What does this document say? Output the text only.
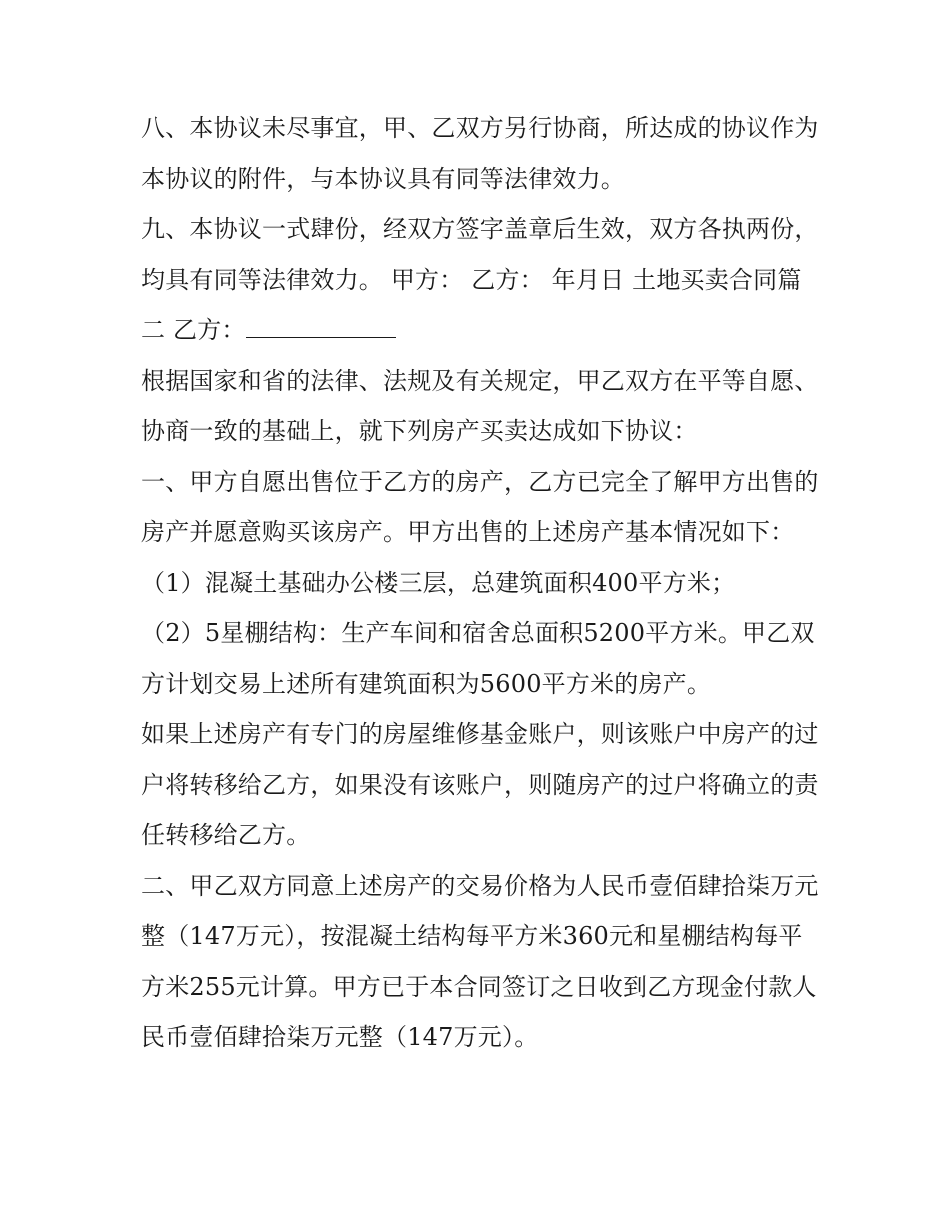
八、本协议未尽事宜，甲、乙双方另行协商，所达成的协议作为本协议的附件，与本协议具有同等法律效力。

九、本协议一式肆份，经双方签字盖章后生效，双方各执两份，均具有同等法律效力。 甲方： 乙方： 年月日 土地买卖合同篇二 乙方：

根据国家和省的法律、法规及有关规定，甲乙双方在平等自愿、协商一致的基础上，就下列房产买卖达成如下协议：

一、甲方自愿出售位于乙方的房产，乙方已完全了解甲方出售的房产并愿意购买该房产。甲方出售的上述房产基本情况如下：

（1）混凝土基础办公楼三层，总建筑面积400平方米；

（2）5星棚结构：生产车间和宿舍总面积5200平方米。甲乙双方计划交易上述所有建筑面积为5600平方米的房产。

如果上述房产有专门的房屋维修基金账户，则该账户中房产的过户将转移给乙方，如果没有该账户，则随房产的过户将确立的责任转移给乙方。

二、甲乙双方同意上述房产的交易价格为人民币壹佰肆拾柒万元整（147万元），按混凝土结构每平方米360元和星棚结构每平方米255元计算。甲方已于本合同签订之日收到乙方现金付款人民币壹佰肆拾柒万元整（147万元）。
